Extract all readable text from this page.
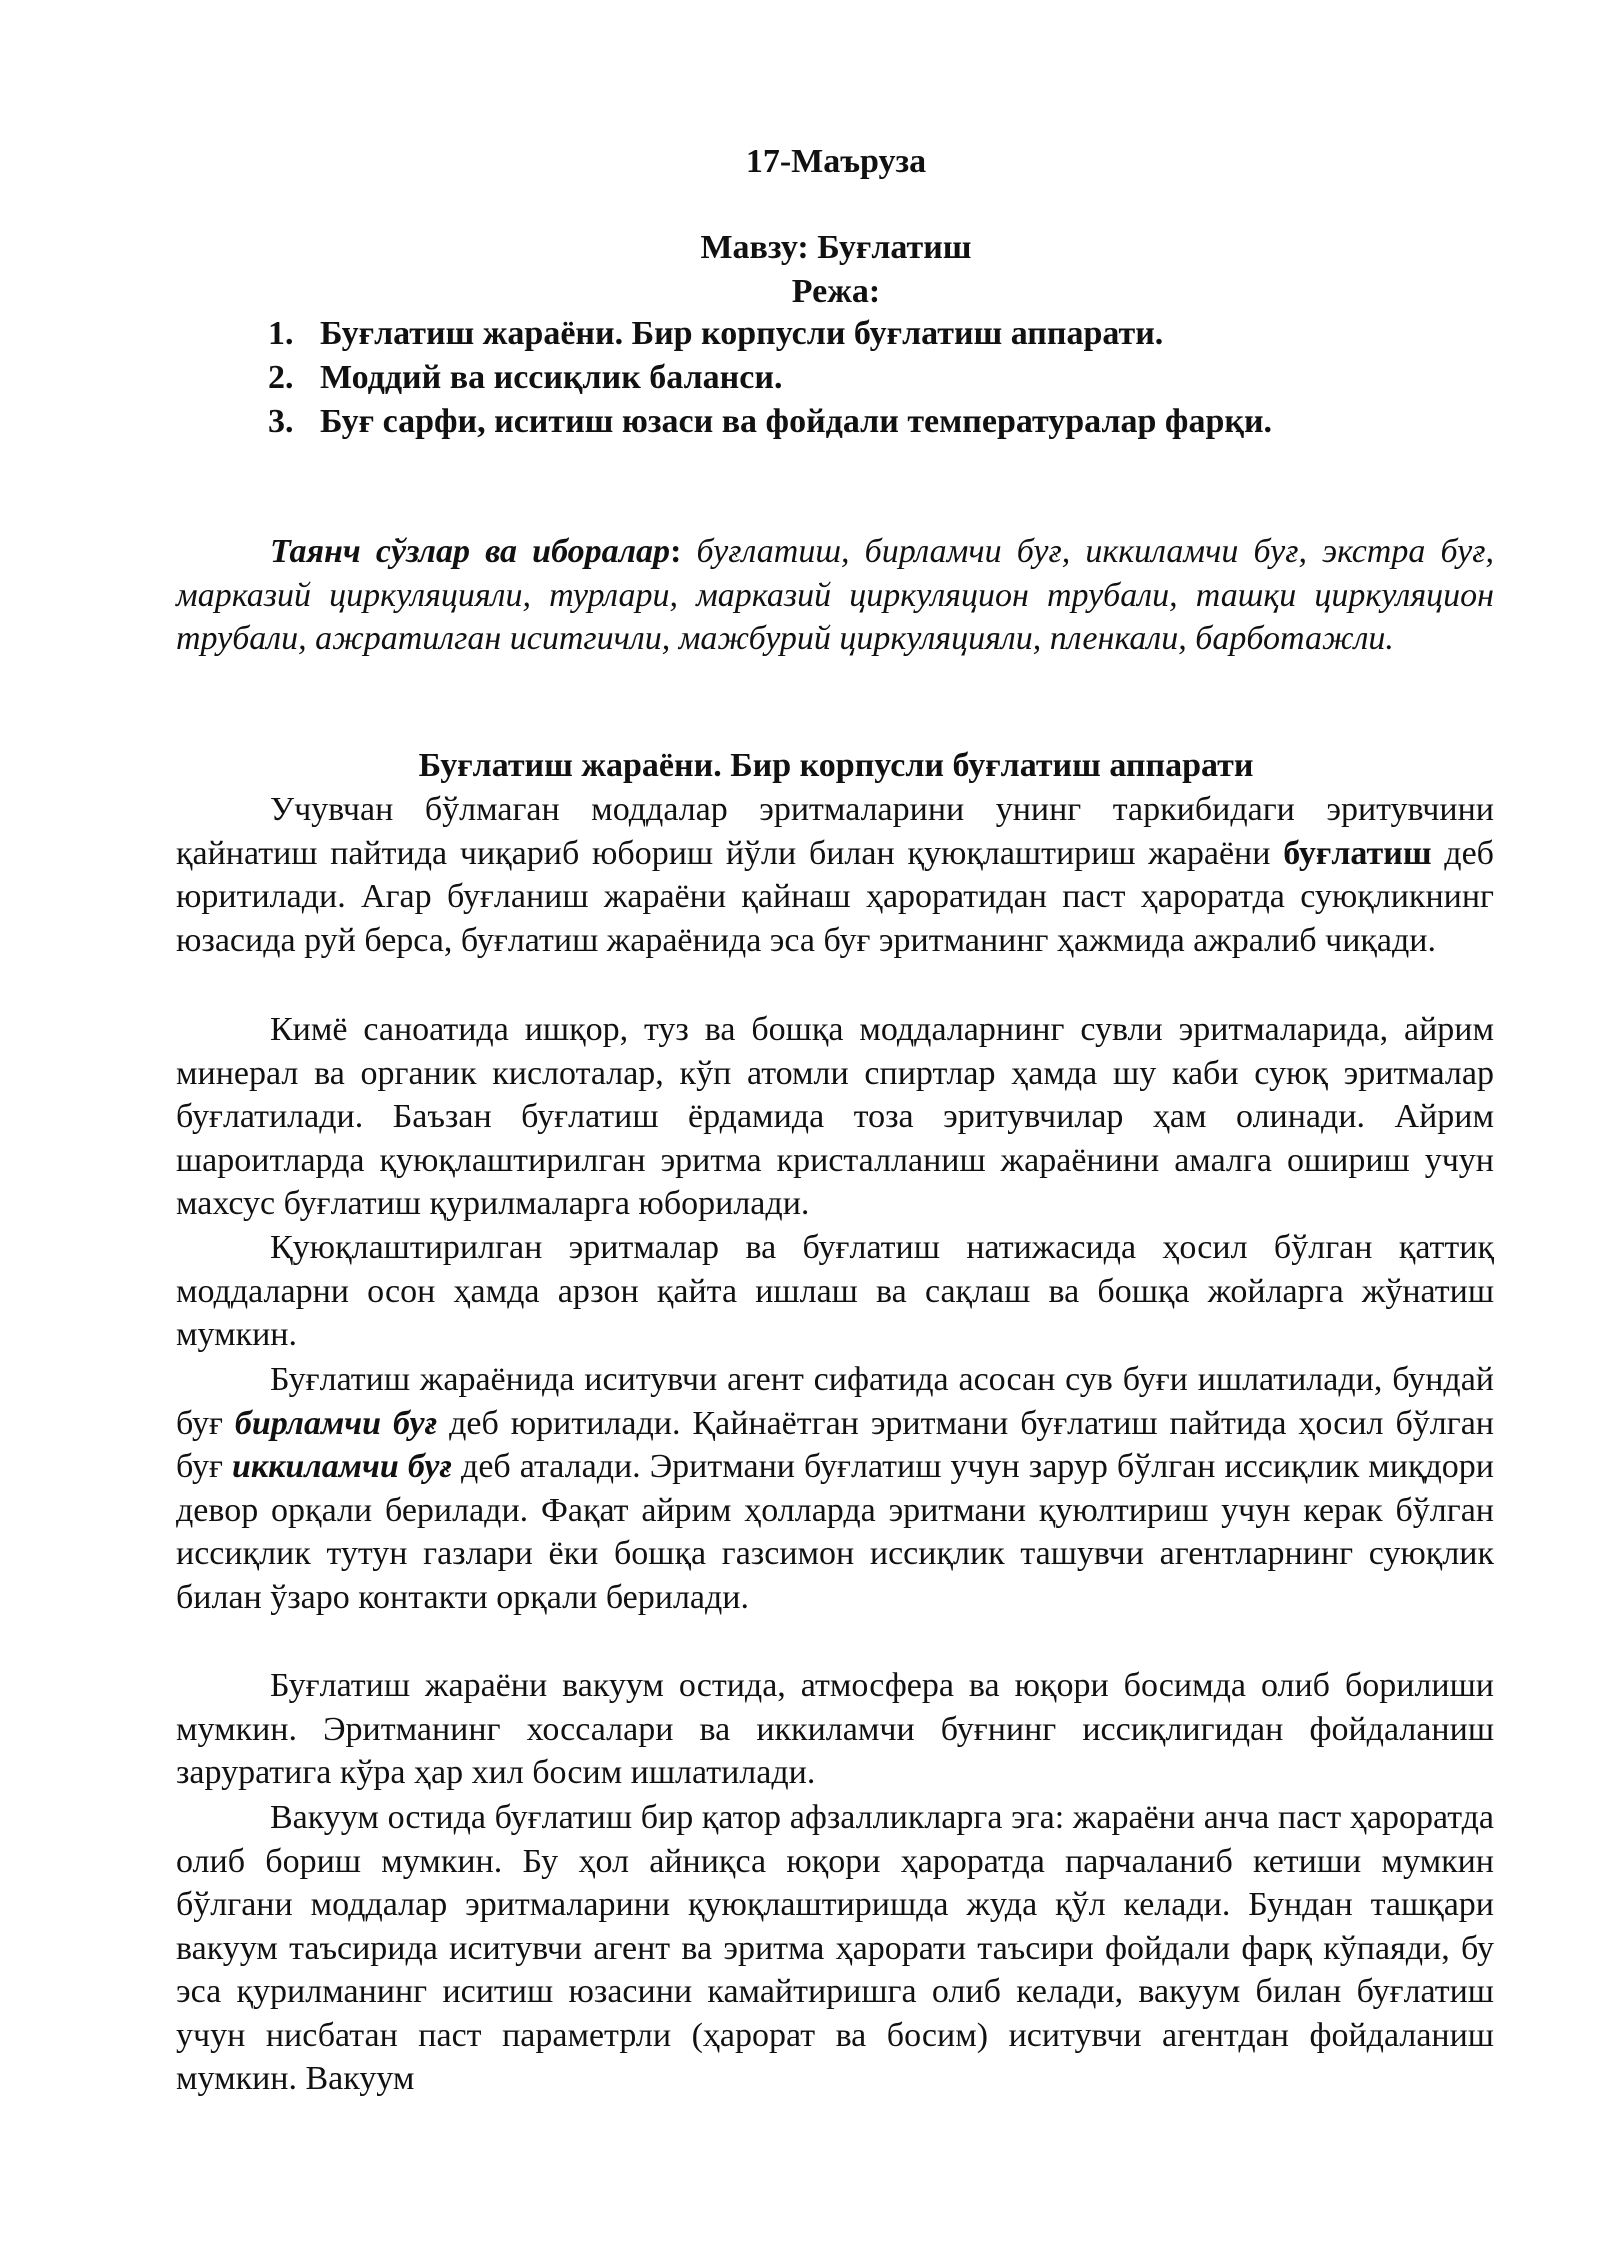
17-Маъруза
Мавзу: Буғлатиш
Режа:
1. Буғлатиш жараёни. Бир корпусли буғлатиш аппарати.
2. Моддий ва иссиқлик баланси.
3. Буғ сарфи, иситиш юзаси ва фойдали температуралар фарқи.

Таянч сўзлар ва иборалар: буғлатиш, бирламчи буғ, иккиламчи буғ, экстра буғ, марказий циркуляцияли, турлари, марказий циркуляцион трубали, ташқи циркуляцион трубали, ажратилган иситгичли, мажбурий циркуляцияли, пленкали, барботажли.

Буғлатиш жараёни. Бир корпусли буғлатиш аппарати

Учувчан бўлмаган моддалар эритмаларини унинг таркибидаги эритувчини қайнатиш пайтида чиқариб юбориш йўли билан қуюқлаштириш жараёни буғлатиш деб юритилади. Агар буғланиш жараёни қайнаш ҳароратидан паст ҳароратда суюқликнинг юзасида руй берса, буғлатиш жараёнида эса буғ эритманинг ҳажмида ажралиб чиқади.

Кимё саноатида ишқор, туз ва бошқа моддаларнинг сувли эритмаларида, айрим минерал ва органик кислоталар, кўп атомли спиртлар ҳамда шу каби суюқ эритмалар буғлатилади. Баъзан буғлатиш ёрдамида тоза эритувчилар ҳам олинади. Айрим шароитларда қуюқлаштирилган эритма кристалланиш жараёнини амалга ошириш учун махсус буғлатиш қурилмаларга юборилади.

Қуюқлаштирилган эритмалар ва буғлатиш натижасида ҳосил бўлган қаттиқ моддаларни осон ҳамда арзон қайта ишлаш ва сақлаш ва бошқа жойларга жўнатиш мумкин.

Буғлатиш жараёнида иситувчи агент сифатида асосан сув буғи ишлатилади, бундай буғ бирламчи буғ деб юритилади. Қайнаётган эритмани буғлатиш пайтида ҳосил бўлган буғ иккиламчи буғ деб аталади. Эритмани буғлатиш учун зарур бўлган иссиқлик миқдори девор орқали берилади. Фақат айрим ҳолларда эритмани қуюлтириш учун керак бўлган иссиқлик тутун газлари ёки бошқа газсимон иссиқлик ташувчи агентларнинг суюқлик билан ўзаро контакти орқали берилади.

Буғлатиш жараёни вакуум остида, атмосфера ва юқори босимда олиб борилиши мумкин. Эритманинг хоссалари ва иккиламчи буғнинг иссиқлигидан фойдаланиш заруратига кўра ҳар хил босим ишлатилади.

Вакуум остида буғлатиш бир қатор афзалликларга эга: жараёни анча паст ҳароратда олиб бориш мумкин. Бу ҳол айниқса юқори ҳароратда парчаланиб кетиши мумкин бўлгани моддалар эритмаларини қуюқлаштиришда жуда қўл келади. Бундан ташқари вакуум таъсирида иситувчи агент ва эритма ҳарорати таъсири фойдали фарқ кўпаяди, бу эса қурилманинг иситиш юзасини камайтиришга олиб келади, вакуум билан буғлатиш учун нисбатан паст параметрли (ҳарорат ва босим) иситувчи агентдан фойдаланиш мумкин. Вакуум
